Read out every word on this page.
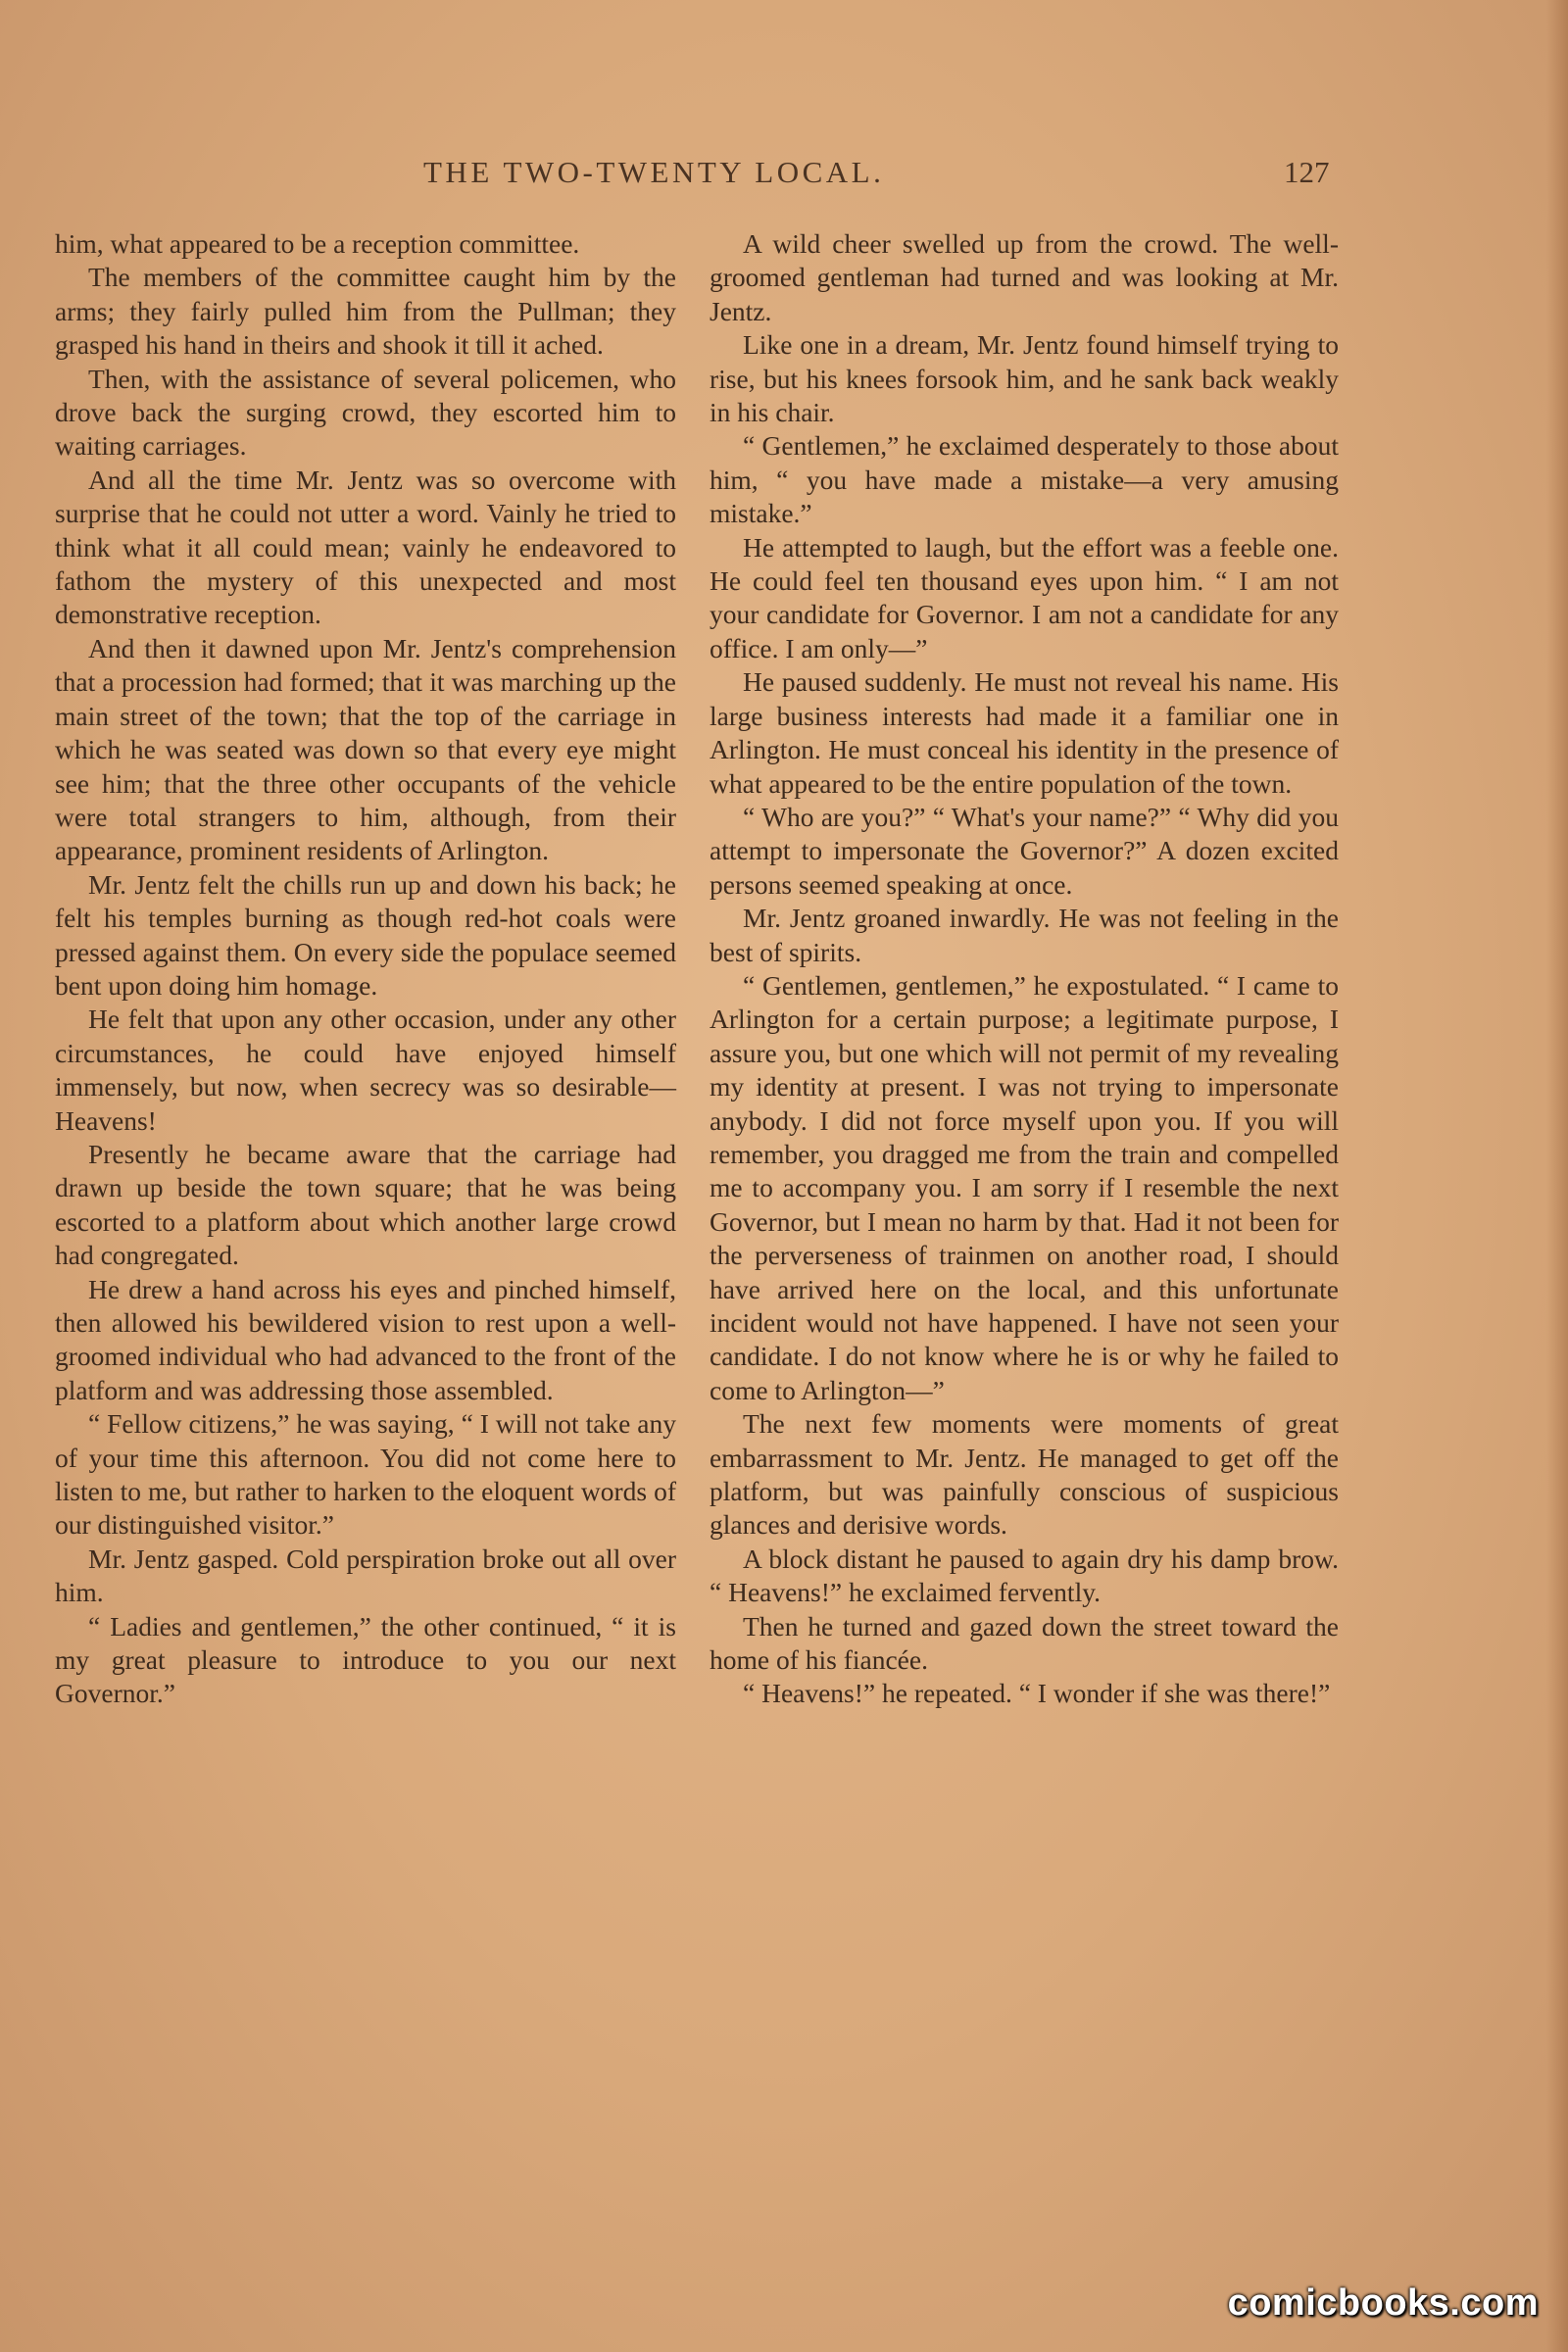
THE TWO-TWENTY LOCAL.	127

him, what appeared to be a reception committee.

The members of the committee caught him by the arms; they fairly pulled him from the Pullman; they grasped his hand in theirs and shook it till it ached.

Then, with the assistance of several policemen, who drove back the surging crowd, they escorted him to waiting carriages.

And all the time Mr. Jentz was so overcome with surprise that he could not utter a word. Vainly he tried to think what it all could mean; vainly he endeavored to fathom the mystery of this unexpected and most demonstrative reception.

And then it dawned upon Mr. Jentz's comprehension that a procession had formed; that it was marching up the main street of the town; that the top of the carriage in which he was seated was down so that every eye might see him; that the three other occupants of the vehicle were total strangers to him, although, from their appearance, prominent residents of Arlington.

Mr. Jentz felt the chills run up and down his back; he felt his temples burning as though red-hot coals were pressed against them. On every side the populace seemed bent upon doing him homage.

He felt that upon any other occasion, under any other circumstances, he could have enjoyed himself immensely, but now, when secrecy was so desirable—Heavens!

Presently he became aware that the carriage had drawn up beside the town square; that he was being escorted to a platform about which another large crowd had congregated.

He drew a hand across his eyes and pinched himself, then allowed his bewildered vision to rest upon a well-groomed individual who had advanced to the front of the platform and was addressing those assembled.

“ Fellow citizens,” he was saying, “ I will not take any of your time this afternoon. You did not come here to listen to me, but rather to harken to the eloquent words of our distinguished visitor.”

Mr. Jentz gasped. Cold perspiration broke out all over him.

“ Ladies and gentlemen,” the other continued, “ it is my great pleasure to introduce to you our next Governor.”

A wild cheer swelled up from the crowd. The well-groomed gentleman had turned and was looking at Mr. Jentz.

Like one in a dream, Mr. Jentz found himself trying to rise, but his knees forsook him, and he sank back weakly in his chair.

“ Gentlemen,” he exclaimed desperately to those about him, “ you have made a mistake—a very amusing mistake.”

He attempted to laugh, but the effort was a feeble one. He could feel ten thousand eyes upon him. “ I am not your candidate for Governor. I am not a candidate for any office. I am only—”

He paused suddenly. He must not reveal his name. His large business interests had made it a familiar one in Arlington. He must conceal his identity in the presence of what appeared to be the entire population of the town.

“ Who are you?” “ What's your name?” “ Why did you attempt to impersonate the Governor?” A dozen excited persons seemed speaking at once.

Mr. Jentz groaned inwardly. He was not feeling in the best of spirits.

“ Gentlemen, gentlemen,” he expostulated. “ I came to Arlington for a certain purpose; a legitimate purpose, I assure you, but one which will not permit of my revealing my identity at present. I was not trying to impersonate anybody. I did not force myself upon you. If you will remember, you dragged me from the train and compelled me to accompany you. I am sorry if I resemble the next Governor, but I mean no harm by that. Had it not been for the perverseness of trainmen on another road, I should have arrived here on the local, and this unfortunate incident would not have happened. I have not seen your candidate. I do not know where he is or why he failed to come to Arlington—”

The next few moments were moments of great embarrassment to Mr. Jentz. He managed to get off the platform, but was painfully conscious of suspicious glances and derisive words.

A block distant he paused to again dry his damp brow. “ Heavens!” he exclaimed fervently.

Then he turned and gazed down the street toward the home of his fiancée.

“ Heavens!” he repeated. “ I wonder if she was there!”

comicbooks.com
